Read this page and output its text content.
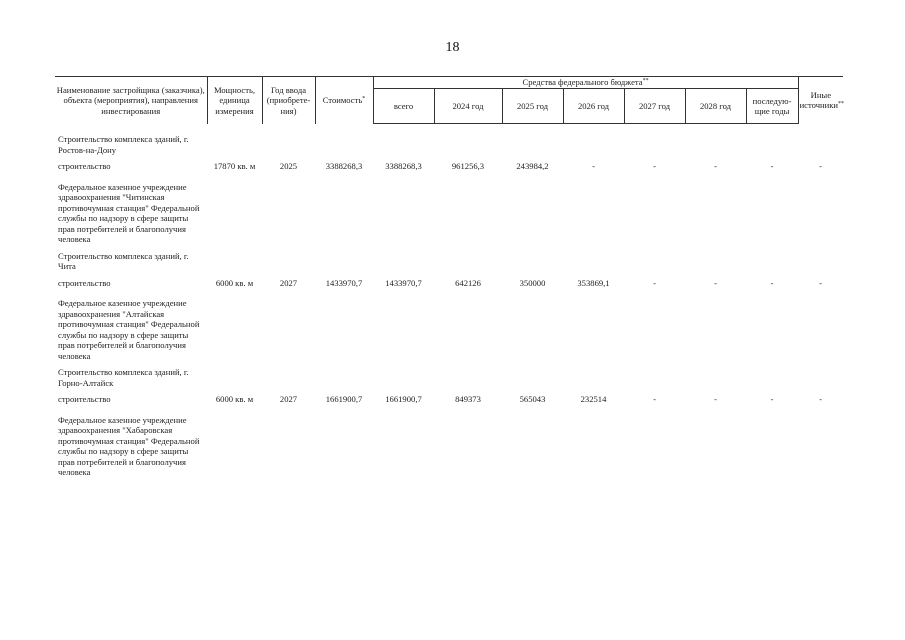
18
Наименование застройщика (заказчика), объекта (мероприятия), направления инвестирования	Мощность, единица измерения	Год ввода (приобрете-ния)	Стоимость*	Средства федерального бюджета**							Иные источники**
				всего	2024 год	2025 год	2026 год	2027 год	2028 год	последую-щие годы	

Строительство комплекса зданий, г. Ростов-на-Дону											
строительство	17870 кв. м	2025	3388268,3	3388268,3	961256,3	243984,2	-	-	-	-	-
Федеральное казенное учреждение здравоохранения "Читинская противочумная станция" Федеральной службы по надзору в сфере защиты прав потребителей и благополучия человека											
Строительство комплекса зданий, г. Чита											
строительство	6000 кв. м	2027	1433970,7	1433970,7	642126	350000	353869,1	-	-	-	-
Федеральное казенное учреждение здравоохранения "Алтайская противочумная станция" Федеральной службы по надзору в сфере защиты прав потребителей и благополучия человека											
Строительство комплекса зданий, г. Горно-Алтайск											
строительство	6000 кв. м	2027	1661900,7	1661900,7	849373	565043	232514	-	-	-	-
Федеральное казенное учреждение здравоохранения "Хабаровская противочумная станция" Федеральной службы по надзору в сфере защиты прав потребителей и благополучия человека											
